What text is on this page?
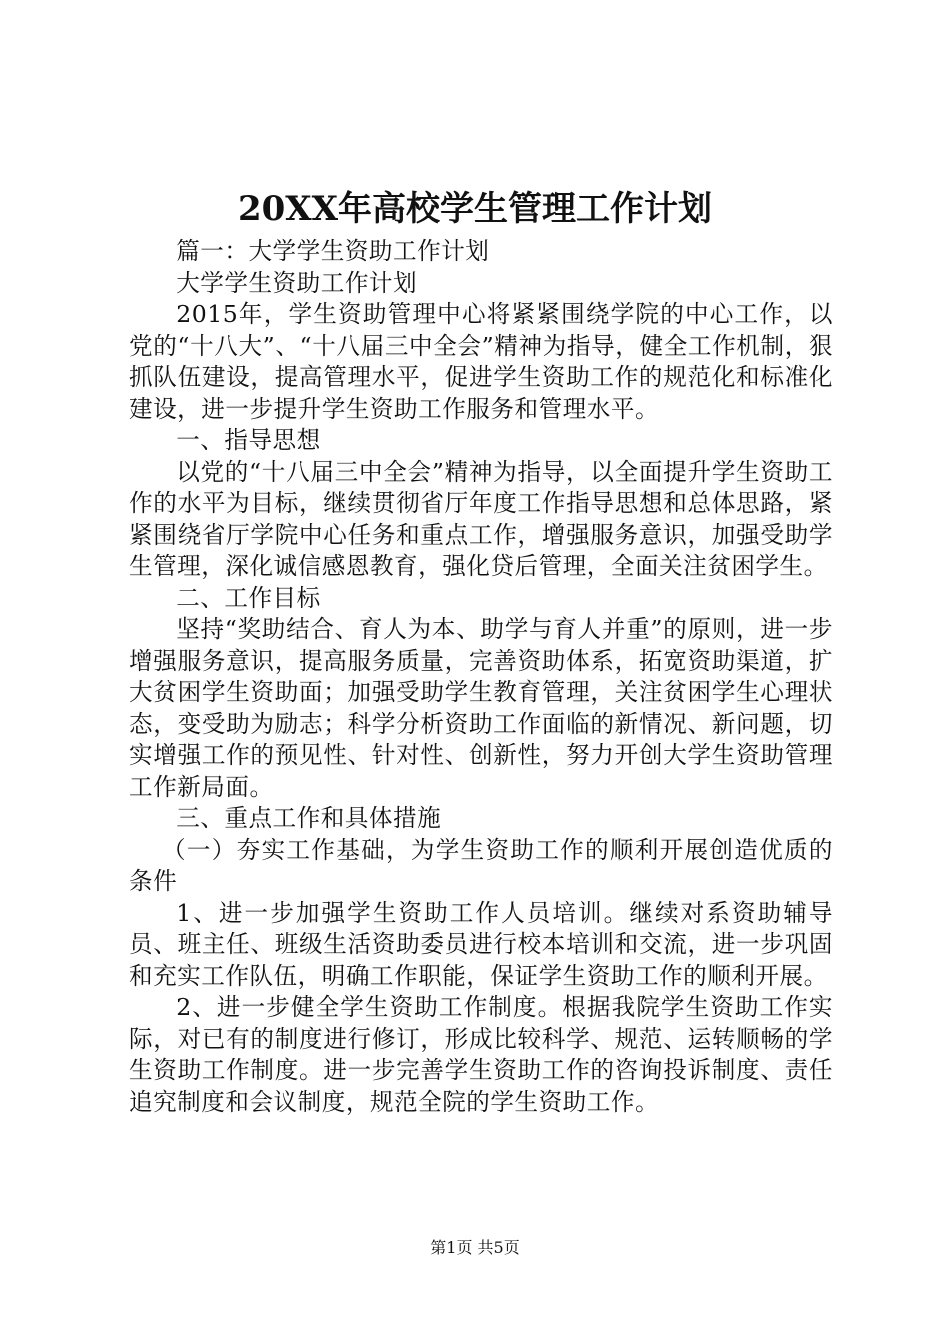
20XX年高校学生管理工作计划

篇一：大学学生资助工作计划

大学学生资助工作计划

2015年，学生资助管理中心将紧紧围绕学院的中心工作，以党的“十八大”、“十八届三中全会”精神为指导，健全工作机制，狠抓队伍建设，提高管理水平，促进学生资助工作的规范化和标准化建设，进一步提升学生资助工作服务和管理水平。

一、指导思想

以党的“十八届三中全会”精神为指导，以全面提升学生资助工作的水平为目标，继续贯彻省厅年度工作指导思想和总体思路，紧紧围绕省厅学院中心任务和重点工作，增强服务意识，加强受助学生管理，深化诚信感恩教育，强化贷后管理，全面关注贫困学生。

二、工作目标

坚持“奖助结合、育人为本、助学与育人并重”的原则，进一步增强服务意识，提高服务质量，完善资助体系，拓宽资助渠道，扩大贫困学生资助面；加强受助学生教育管理，关注贫困学生心理状态，变受助为励志；科学分析资助工作面临的新情况、新问题，切实增强工作的预见性、针对性、创新性，努力开创大学生资助管理工作新局面。

三、重点工作和具体措施

（一）夯实工作基础，为学生资助工作的顺利开展创造优质的条件

1、进一步加强学生资助工作人员培训。继续对系资助辅导员、班主任、班级生活资助委员进行校本培训和交流，进一步巩固和充实工作队伍，明确工作职能，保证学生资助工作的顺利开展。

2、进一步健全学生资助工作制度。根据我院学生资助工作实际，对已有的制度进行修订，形成比较科学、规范、运转顺畅的学生资助工作制度。进一步完善学生资助工作的咨询投诉制度、责任追究制度和会议制度，规范全院的学生资助工作。

第1页 共5页
